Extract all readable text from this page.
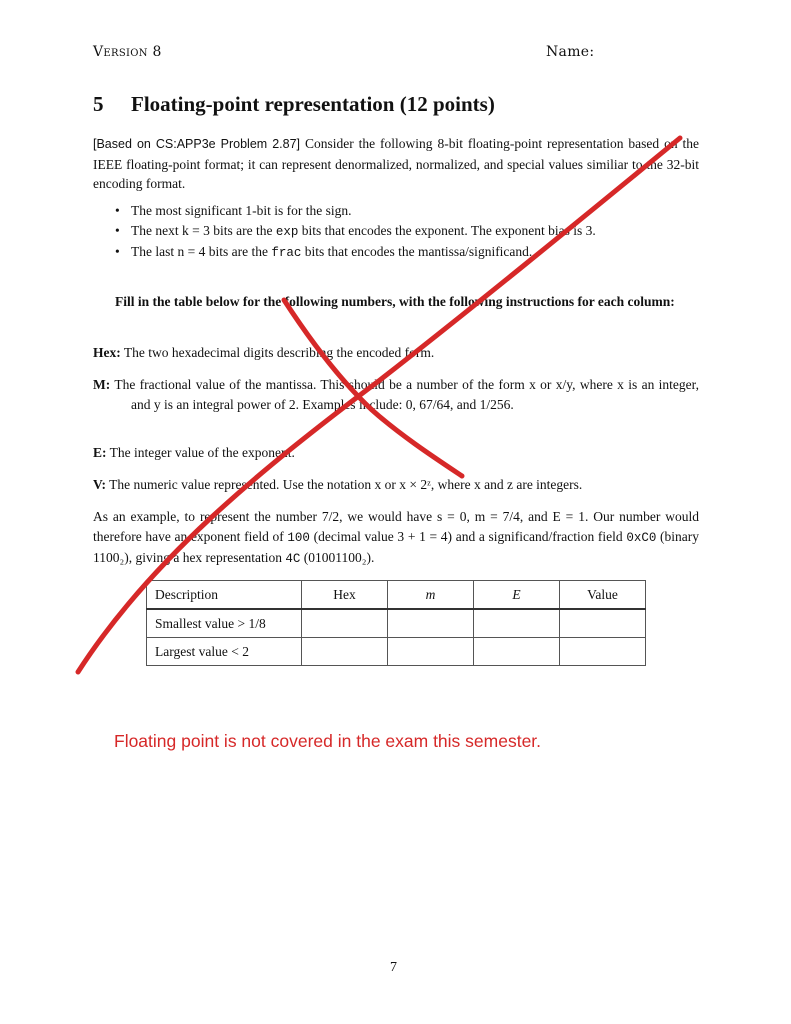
Version 8	Name:
5 Floating-point representation (12 points)
[Based on CS:APP3e Problem 2.87] Consider the following 8-bit floating-point representation based on the IEEE floating-point format; it can represent denormalized, normalized, and special values similiar to the 32-bit encoding format.
• The most significant 1-bit is for the sign.
• The next k = 3 bits are the exp bits that encodes the exponent. The exponent bias is 3.
• The last n = 4 bits are the frac bits that encodes the mantissa/significand.
Fill in the table below for the following numbers, with the following instructions for each column:
Hex: The two hexadecimal digits describing the encoded form.
M: The fractional value of the mantissa. This should be a number of the form x or x/y, where x is an integer, and y is an integral power of 2. Examples include: 0, 67/64, and 1/256.
E: The integer value of the exponent.
V: The numeric value represented. Use the notation x or x × 2ᶻ, where x and z are integers.
As an example, to represent the number 7/2, we would have s = 0, m = 7/4, and E = 1. Our number would therefore have an exponent field of 100 (decimal value 3 + 1 = 4) and a significand/fraction field 0xC0 (binary 1100₂), giving a hex representation 4C (01001100₂).
Description	Hex	m	E	Value
Smallest value > 1/8				
Largest value < 2				
Floating point is not covered in the exam this semester.
7
